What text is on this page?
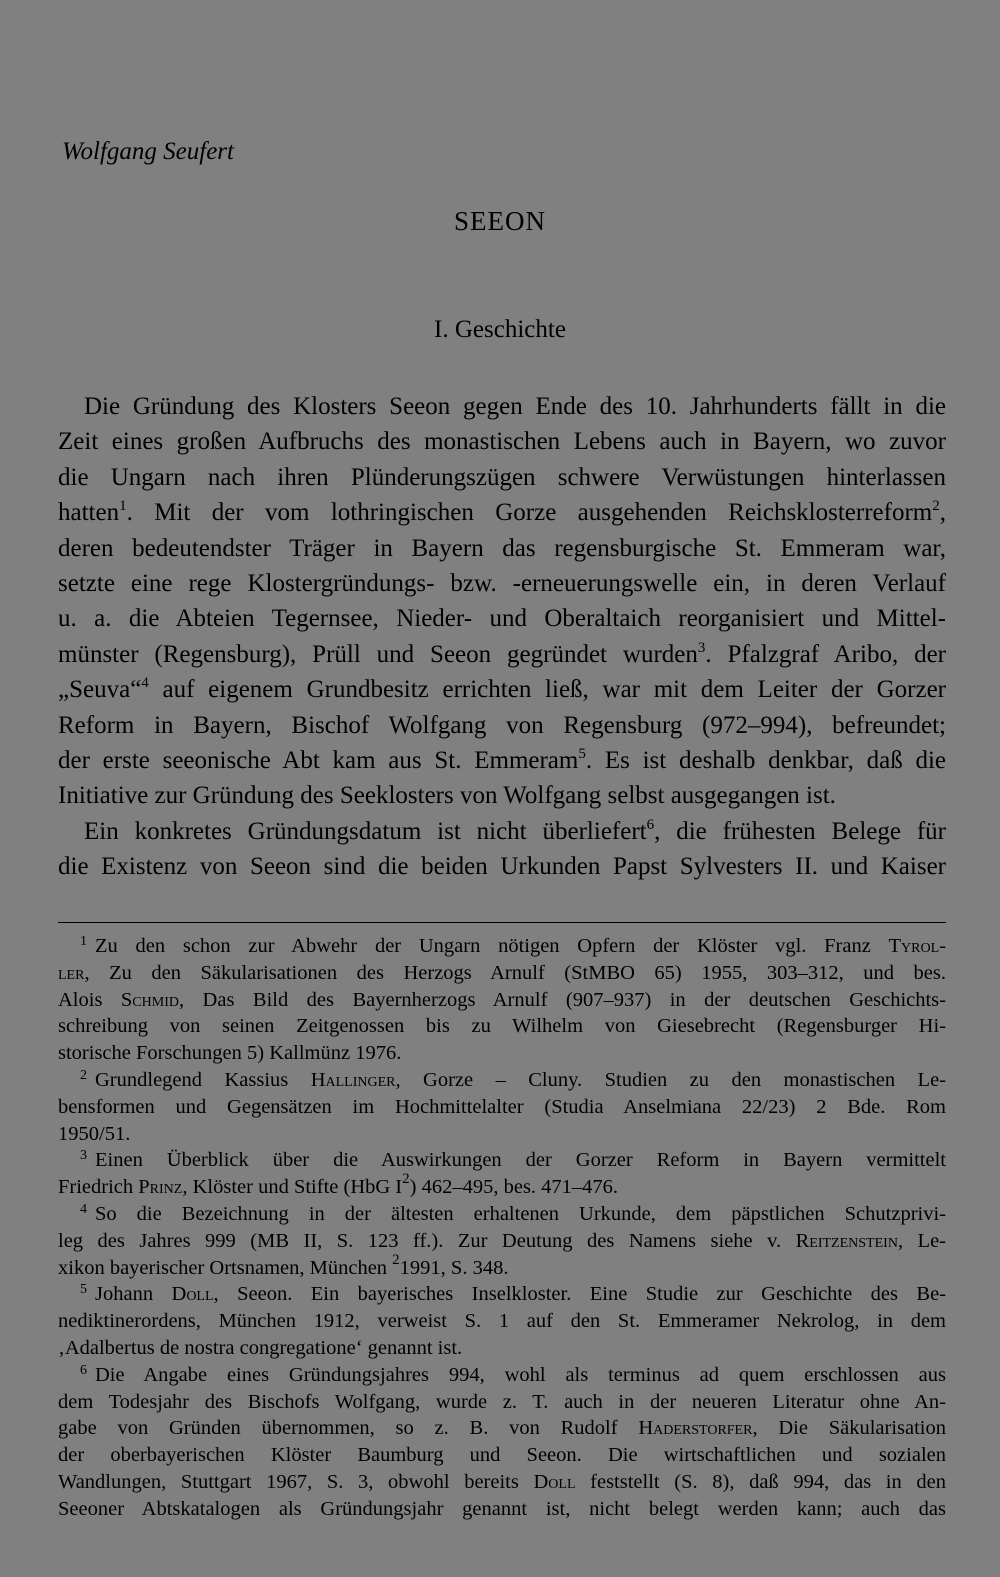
Wolfgang Seufert
SEEON
I. Geschichte
Die Gründung des Klosters Seeon gegen Ende des 10. Jahrhunderts fällt in die
Zeit eines großen Aufbruchs des monastischen Lebens auch in Bayern, wo zuvor
die Ungarn nach ihren Plünderungszügen schwere Verwüstungen hinterlassen
hatten$^1$. Mit der vom lothringischen Gorze ausgehenden Reichsklosterreform$^2$,
deren bedeutendster Träger in Bayern das regensburgische St. Emmeram war,
setzte eine rege Klostergründungs- bzw. -erneuerungswelle ein, in deren Verlauf
u. a. die Abteien Tegernsee, Nieder- und Oberaltaich reorganisiert und Mittel-
münster (Regensburg), Prüll und Seeon gegründet wurden$^3$. Pfalzgraf Aribo, der
„Seuva“$^4$ auf eigenem Grundbesitz errichten ließ, war mit dem Leiter der Gorzer
Reform in Bayern, Bischof Wolfgang von Regensburg (972–994), befreundet;
der erste seeonische Abt kam aus St. Emmeram$^5$. Es ist deshalb denkbar, daß die
Initiative zur Gründung des Seeklosters von Wolfgang selbst ausgegangen ist.
Ein konkretes Gründungsdatum ist nicht überliefert$^6$, die frühesten Belege für
die Existenz von Seeon sind die beiden Urkunden Papst Sylvesters II. und Kaiser
$^1$ Zu den schon zur Abwehr der Ungarn nötigen Opfern der Klöster vgl. Franz Tyrol-
ler, Zu den Säkularisationen des Herzogs Arnulf (StMBO 65) 1955, 303–312, und bes.
Alois Schmid, Das Bild des Bayernherzogs Arnulf (907–937) in der deutschen Geschichts-
schreibung von seinen Zeitgenossen bis zu Wilhelm von Giesebrecht (Regensburger Hi-
storische Forschungen 5) Kallmünz 1976.
$^2$ Grundlegend Kassius Hallinger, Gorze – Cluny. Studien zu den monastischen Le-
bensformen und Gegensätzen im Hochmittelalter (Studia Anselmiana 22/23) 2 Bde. Rom
1950/51.
$^3$ Einen Überblick über die Auswirkungen der Gorzer Reform in Bayern vermittelt
Friedrich Prinz, Klöster und Stifte (HbG $I^2$) 462–495, bes. 471–476.
$^4$ So die Bezeichnung in der ältesten erhaltenen Urkunde, dem päpstlichen Schutzprivi-
leg des Jahres 999 (MB II, S. 123 ff.). Zur Deutung des Namens siehe v. Reitzenstein, Le-
xikon bayerischer Ortsnamen, München $^2$1991, S. 348.
$^5$ Johann Doll, Seeon. Ein bayerisches Inselkloster. Eine Studie zur Geschichte des Be-
nediktinerordens, München 1912, verweist S. 1 auf den St. Emmeramer Nekrolog, in dem
‚Adalbertus de nostra congregatione‘ genannt ist.
$^6$ Die Angabe eines Gründungsjahres 994, wohl als terminus ad quem erschlossen aus
dem Todesjahr des Bischofs Wolfgang, wurde z. T. auch in der neueren Literatur ohne An-
gabe von Gründen übernommen, so z. B. von Rudolf Haderstorfer, Die Säkularisation
der oberbayerischen Klöster Baumburg und Seeon. Die wirtschaftlichen und sozialen
Wandlungen, Stuttgart 1967, S. 3, obwohl bereits Doll feststellt (S. 8), daß 994, das in den
Seeoner Abtskatalogen als Gründungsjahr genannt ist, nicht belegt werden kann; auch das
